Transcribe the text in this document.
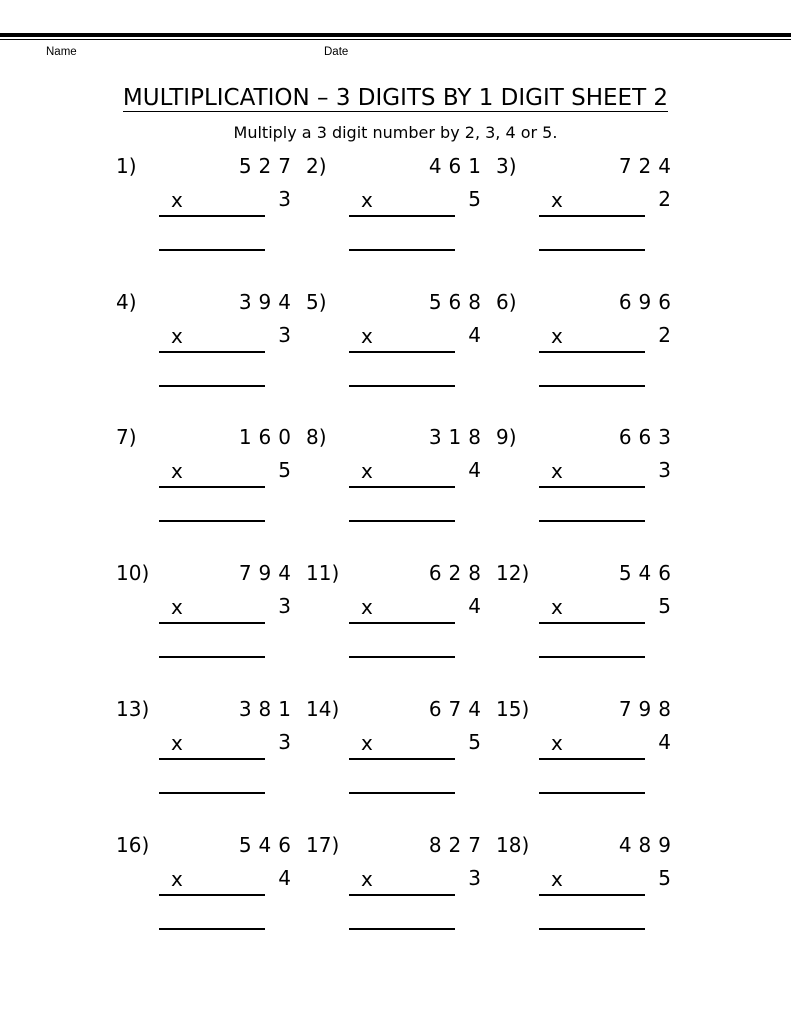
Name	Date
MULTIPLICATION – 3 DIGITS BY 1 DIGIT SHEET 2
Multiply a 3 digit number by 2, 3, 4 or 5.
1)	527
x	3
2)	461
x	5
3)	724
x	2
4)	394
x	3
5)	568
x	4
6)	696
x	2
7)	160
x	5
8)	318
x	4
9)	663
x	3
10)	794
x	3
11)	628
x	4
12)	546
x	5
13)	381
x	3
14)	674
x	5
15)	798
x	4
16)	546
x	4
17)	827
x	3
18)	489
x	5
